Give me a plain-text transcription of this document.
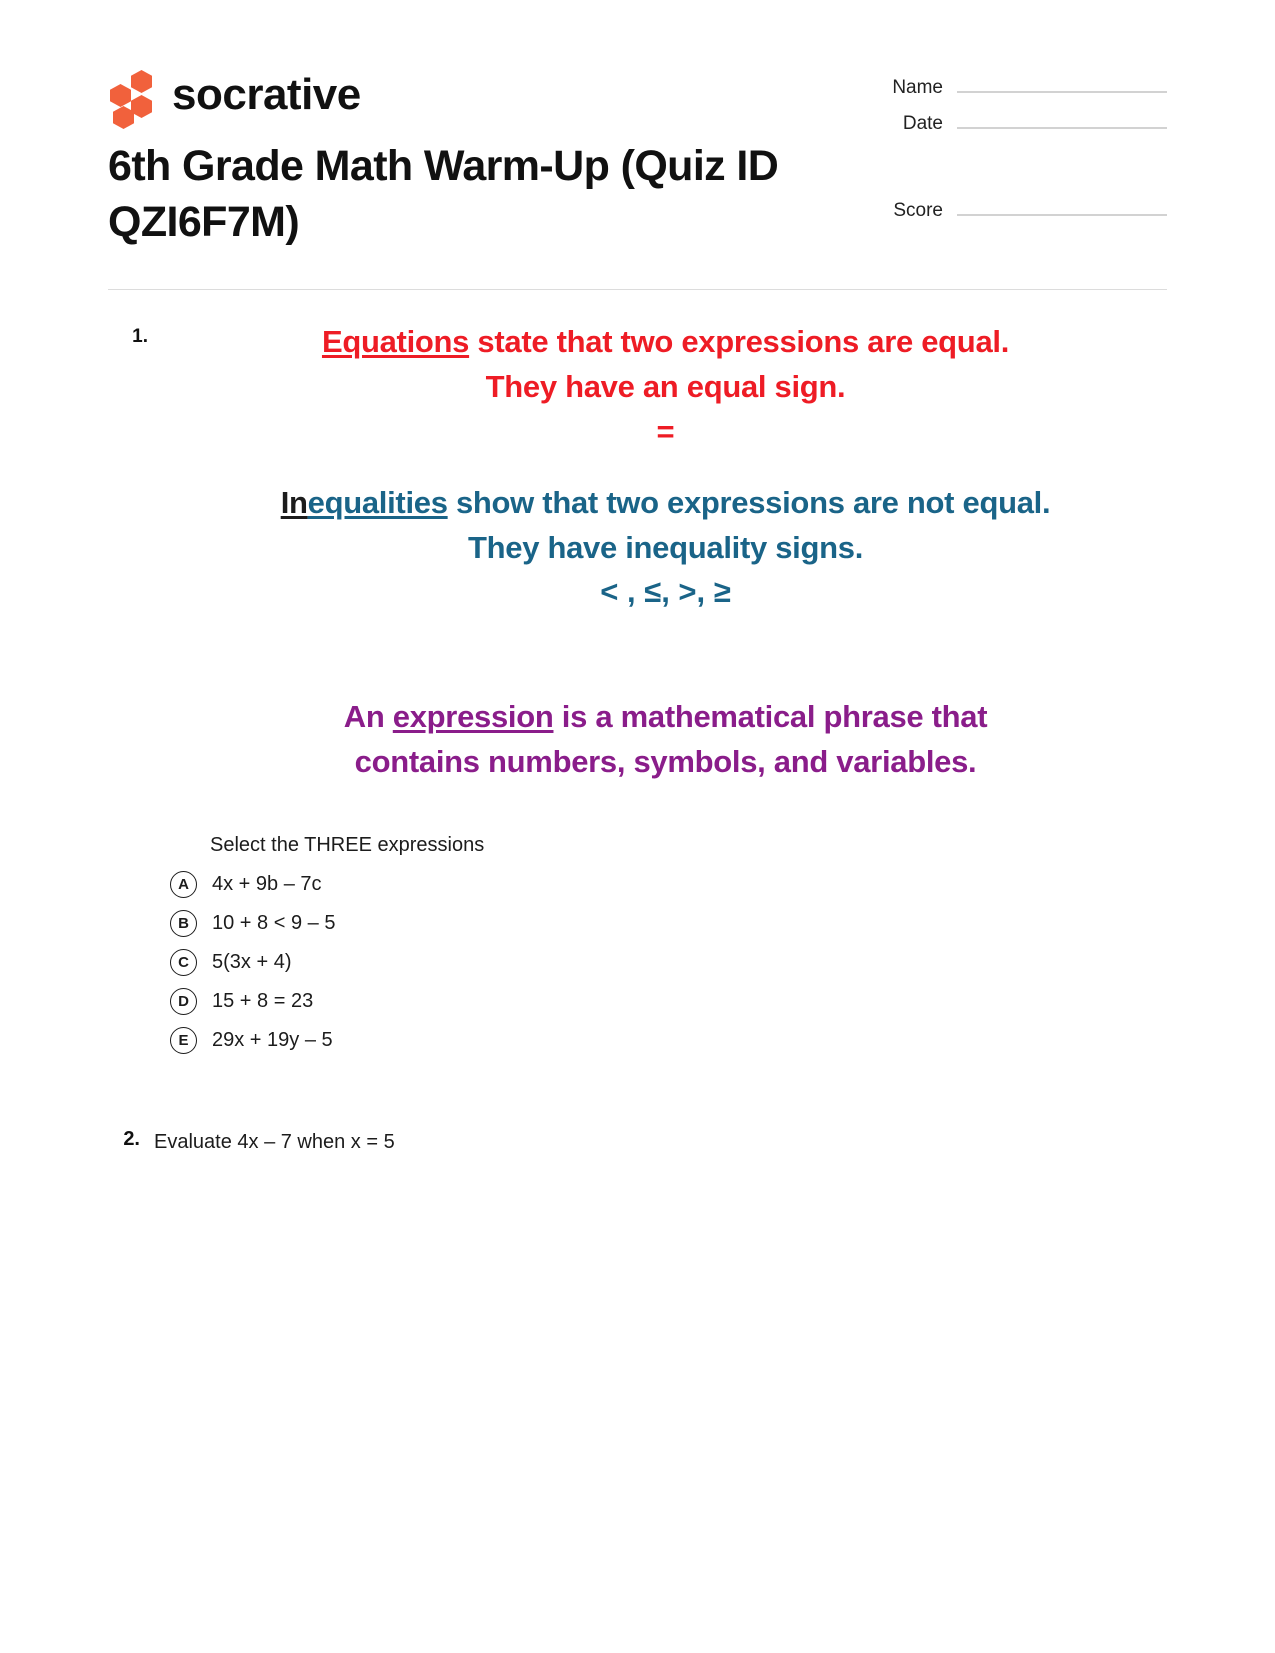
socrative	Name
Date
Score
6th Grade Math Warm-Up (Quiz ID QZI6F7M)
1.	Equations state that two expressions are equal.
They have an equal sign.
=
Inequalities show that two expressions are not equal.
They have inequality signs.
< , ≤, >, ≥
An expression is a mathematical phrase that
contains numbers, symbols, and variables.
Select the THREE expressions
A	4x + 9b – 7c
B	10 + 8 < 9 – 5
C	5(3x + 4)
D	15 + 8 = 23
E	29x + 19y – 5
2. Evaluate 4x – 7 when x = 5
